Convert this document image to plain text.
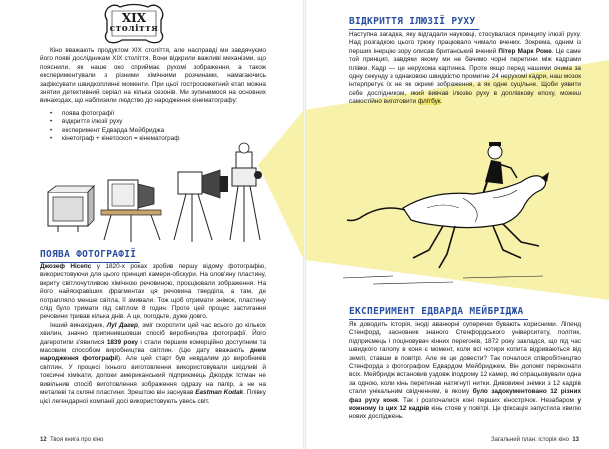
XIX
століття

Кіно вважають продуктом XIX століття, але насправді ми завдячуємо його появі дослідникам XIX століття. Вони відкрили важливі механізми, що пояснили, як наше око сприймає рухомі зображення, а також експериментували з різними хімічними розчинами, намагаючись зафіксувати швидкоплинні моменти. При цьої гостросюжетний етап можна знятии детективний серіал на кілька сезонів. Ми зупинимося на основних винаходах, що наблизили людство до народження кінематографу:

• поява фотографії
• відкриття ілюзії руху
• експеримент Едварда Мейбриджа
• кінетограф + кінетоскоп = кінематограф
ПОЯВА ФОТОГРАФІЇ

Джозеф Нісепс у 1820-х роках зробив першу відому фотографію, використовуючи для цього принцип камери-обскури. На олов'яну пластину, вкриту світлочутливою хімічною речовиною, проєціювали зображення. На його найяскравіших фрагментах ця речовина тверділа, а там, де потрапляло менше світла, її змивали. Тож щоб отримати знімок, пластину слід було тримати під світлом 8 годин. Проте цей процес застигання речовини тривав кілька днів. А це, погодьте, дуже довго.

Інший винахідник, Луї Дагер, зміг скоротити цей час всього до кількох хвилин, значно припинившовши спосіб виробництва фотографії. Його дагеротипи з'явилися 1839 року і стали першим комерційно доступним та масовим способом виробництва світлин. (Цю дату вважають днем народження фотографії). Але цей старт був невдалим до виробників світлин. У процесі їхнього виготовлення використовували шкідливі й токсичні хімікати, допоки американський підприємець Джордж Істман не вивільнив спосіб виготовлення зображення одразу на папір, а не на металеві та скляні пластини. Зрештою він заснував Eastman Kodak. Плівку цієї легендарної компанії досі використовують увесь світ.

12 Твоя книга про кіно
ВІДКРИТТЯ ІЛЮЗІЇ РУХУ

Наступна загадка, яку відгадали науковці, стосувалася принципу ілюзії руху. Над розгадкою цього трюку працювало чимало вчених. Зокрема, одним із перших інерцію зору описав британський вчений Пітер Марк Роже. Це саме той принцип, завдяки якому ми не бачимо чорні перетини між кадрами плівки. Кадр — це нерухома картинка. Проте якщо перед нашими очима за одну секунду з однаковою швидкістю промигне 24 нерухомі кадри, наш мозок інтерпретує їх не як окремі зображення, а як одне суцільне. Щоби уявити себе дослідником, який вивчав ілюзію руху в доплівкову епоху, можеш самостійно виготовити флітбук.

ЕКСПЕРИМЕНТ ЕДВАРДА МЕЙБРІДЖА

Як доводить історія, іноді аванюрні суперечки бувають корисними. Ліленд Стенфорд, засновник знаного Стенфордського університету, політик, підприємець і поціновувач кінних перегонів, 1872 року закладся, що під час швидкого галопу в коня є момент, коли всі чотири копита відриваються від землі, ставши в повітрі. Але як це довести? Так почалося співробітництво Стенфорда з фотографом Едвардом Мейбриджем. Він допоміг переконати всіх. Мейбридж встановив уздовж іподрому 12 камер, які спрацьовували одна за одною, коли кінь перетинав натягнуті нитки. Дивовижні знімки з 12 кадрів стали унікальним свідченням, в якому було задокументовано 12 різних фаз руху коня. Так і розпочалися коні перших кінострічок. Незабаром у кожному із цих 12 кадрів кінь стояв у повітрі. Це фіксація запустила хвилю нових досліджень.

Загальний план: історія кіно 13
